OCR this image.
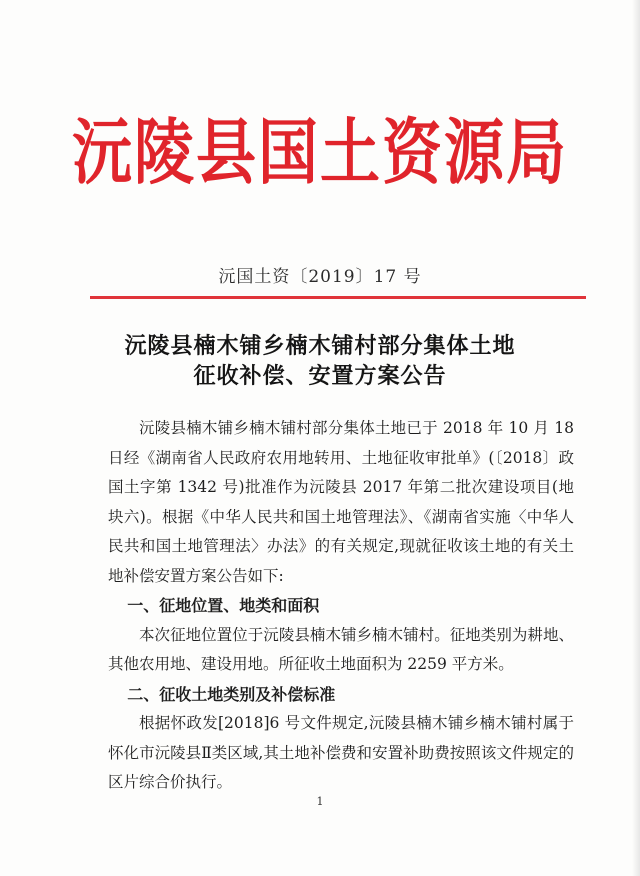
沅陵县国土资源局
沅国土资〔2019〕17 号
沅陵县楠木铺乡楠木铺村部分集体土地
征收补偿、安置方案公告

沅陵县楠木铺乡楠木铺村部分集体土地已于 2018 年 10 月 18 日经《湖南省人民政府农用地转用、土地征收审批单》(〔2018〕政国土字第 1342 号)批准作为沅陵县 2017 年第二批次建设项目(地块六)。根据《中华人民共和国土地管理法》、《湖南省实施〈中华人民共和国土地管理法〉办法》的有关规定,现就征收该土地的有关土地补偿安置方案公告如下:

一、征地位置、地类和面积

本次征地位置位于沅陵县楠木铺乡楠木铺村。征地类别为耕地、其他农用地、建设用地。所征收土地面积为 2259 平方米。

二、征收土地类别及补偿标准

根据怀政发[2018]6 号文件规定,沅陵县楠木铺乡楠木铺村属于怀化市沅陵县Ⅱ类区域,其土地补偿费和安置补助费按照该文件规定的区片综合价执行。

1
